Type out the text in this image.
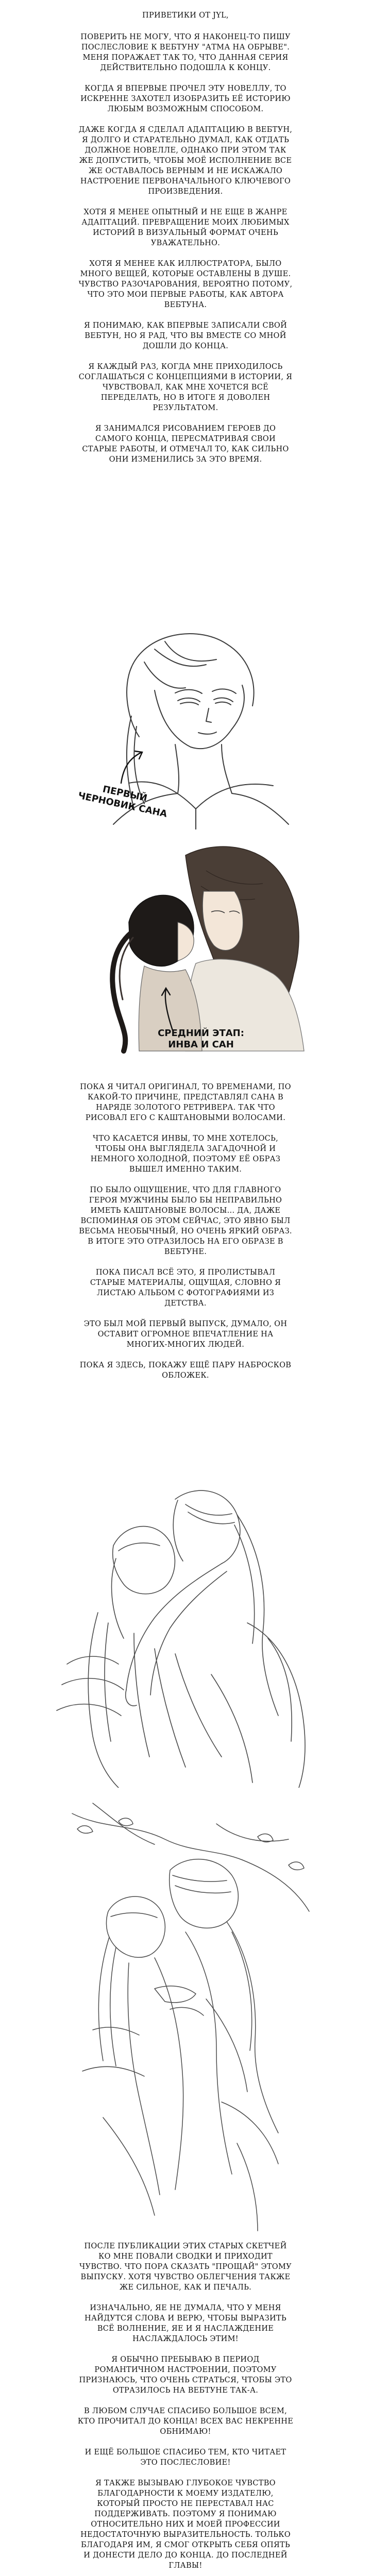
ПРИВЕТИКИ ОТ JYL,

ПОВЕРИТЬ НЕ МОГУ, ЧТО Я НАКОНЕЦ-ТО ПИШУ ПОСЛЕСЛОВИЕ К ВЕБТУНУ "АТМА НА ОБРЫВЕ". МЕНЯ ПОРАЖАЕТ ТАК ТО, ЧТО ДАННАЯ СЕРИЯ ДЕЙСТВИТЕЛЬНО ПОДОШЛА К КОНЦУ.

КОГДА Я ВПЕРВЫЕ ПРОЧЕЛ ЭТУ НОВЕЛЛУ, ТО ИСКРЕННЕ ЗАХОТЕЛ ИЗОБРАЗИТЬ ЕЁ ИСТОРИЮ ЛЮБЫМ ВОЗМОЖНЫМ СПОСОБОМ.

ДАЖЕ КОГДА Я СДЕЛАЛ АДАПТАЦИЮ В ВЕБТУН, Я ДОЛГО И СТАРАТЕЛЬНО ДУМАЛ, КАК ОТДАТЬ ДОЛЖНОЕ НОВЕЛЛЕ, ОДНАКО ПРИ ЭТОМ ТАК ЖЕ ДОПУСТИТЬ, ЧТОБЫ МОЁ ИСПОЛНЕНИЕ ВСЕ ЖЕ ОСТАВАЛОСЬ ВЕРНЫМ И НЕ ИСКАЖАЛО НАСТРОЕНИЕ ПЕРВОНАЧАЛЬНОГО КЛЮЧЕВОГО ПРОИЗВЕДЕНИЯ.

ХОТЯ Я МЕНЕЕ ОПЫТНЫЙ И НЕ ЕЩЕ В ЖАНРЕ АДАПТАЦИЙ. ПРЕВРАЩЕНИЕ МОИХ ЛЮБИМЫХ ИСТОРИЙ В ВИЗУАЛЬНЫЙ ФОРМАТ ОЧЕНЬ УВАЖАТЕЛЬНО.

ХОТЯ Я МЕНЕЕ КАК ИЛЛЮСТРАТОРА, БЫЛО МНОГО ВЕЩЕЙ, КОТОРЫЕ ОСТАВЛЕНЫ В ДУШЕ. ЧУВСТВО РАЗОЧАРОВАНИЯ, ВЕРОЯТНО ПОТОМУ, ЧТО ЭТО МОИ ПЕРВЫЕ РАБОТЫ, КАК АВТОРА ВЕБТУНА.

Я ПОНИМАЮ, КАК ВПЕРВЫЕ ЗАПИСАЛИ СВОЙ ВЕБТУН, НО Я РАД, ЧТО ВЫ ВМЕСТЕ СО МНОЙ ДОШЛИ ДО КОНЦА.

Я КАЖДЫЙ РАЗ, КОГДА МНЕ ПРИХОДИЛОСЬ СОГЛАШАТЬСЯ С КОНЦЕПЦИЯМИ В ИСТОРИИ, Я ЧУВСТВОВАЛ, КАК МНЕ ХОЧЕТСЯ ВСЁ ПЕРЕДЕЛАТЬ, НО В ИТОГЕ Я ДОВОЛЕН РЕЗУЛЬТАТОМ.

Я ЗАНИМАЛСЯ РИСОВАНИЕМ ГЕРОЕВ ДО САМОГО КОНЦА, ПЕРЕСМАТРИВАЯ СВОИ СТАРЫЕ РАБОТЫ, И ОТМЕЧАЛ ТО, КАК СИЛЬНО ОНИ ИЗМЕНИЛИСЬ ЗА ЭТО ВРЕМЯ.

ПЕРВЫЙ ЧЕРНОВИК САНА
СРЕДНИЙ ЭТАП: ИНВА И САН

ПОКА Я ЧИТАЛ ОРИГИНАЛ, ТО ВРЕМЕНАМИ, ПО КАКОЙ-ТО ПРИЧИНЕ, ПРЕДСТАВЛЯЛ САНА В НАРЯДЕ ЗОЛОТОГО РЕТРИВЕРА. ТАК ЧТО РИСОВАЛ ЕГО С КАШТАНОВЫМИ ВОЛОСАМИ.

ЧТО КАСАЕТСЯ ИНВЫ, ТО МНЕ ХОТЕЛОСЬ, ЧТОБЫ ОНА ВЫГЛЯДЕЛА ЗАГАДОЧНОЙ И НЕМНОГО ХОЛОДНОЙ, ПОЭТОМУ ЕЁ ОБРАЗ ВЫШЕЛ ИМЕННО ТАКИМ.

ПО БЫЛО ОЩУЩЕНИЕ, ЧТО ДЛЯ ГЛАВНОГО ГЕРОЯ МУЖЧИНЫ БЫЛО БЫ НЕПРАВИЛЬНО ИМЕТЬ КАШТАНОВЫЕ ВОЛОСЫ... ДА, ДАЖЕ ВСПОМИНАЯ ОБ ЭТОМ СЕЙЧАС, ЭТО ЯВНО БЫЛ ВЕСЬМА НЕОБЫЧНЫЙ, НО ОЧЕНЬ ЯРКИЙ ОБРАЗ. В ИТОГЕ ЭТО ОТРАЗИЛОСЬ НА ЕГО ОБРАЗЕ В ВЕБТУНЕ.

ПОКА ПИСАЛ ВСЁ ЭТО, Я ПРОЛИСТЫВАЛ СТАРЫЕ МАТЕРИАЛЫ, ОЩУЩАЯ, СЛОВНО Я ЛИСТАЮ АЛЬБОМ С ФОТОГРАФИЯМИ ИЗ ДЕТСТВА.

ЭТО БЫЛ МОЙ ПЕРВЫЙ ВЫПУСК, ДУМАЛО, ОН ОСТАВИТ ОГРОМНОЕ ВПЕЧАТЛЕНИЕ НА МНОГИХ-МНОГИХ ЛЮДЕЙ.

ПОКА Я ЗДЕСЬ, ПОКАЖУ ЕЩЁ ПАРУ НАБРОСКОВ ОБЛОЖЕК.

ПОСЛЕ ПУБЛИКАЦИИ ЭТИХ СТАРЫХ СКЕТЧЕЙ КО МНЕ ПОВАЛИ СВОДКИ И ПРИХОДИТ ЧУВСТВО. ЧТО ПОРА СКАЗАТЬ "ПРОЩАЙ" ЭТОМУ ВЫПУСКУ. ХОТЯ ЧУВСТВО ОБЛЕГЧЕНИЯ ТАКЖЕ ЖЕ СИЛЬНОЕ, КАК И ПЕЧАЛЬ.

ИЗНАЧАЛЬНО, ЯЕ НЕ ДУМАЛА, ЧТО У МЕНЯ НАЙДУТСЯ СЛОВА И ВЕРЮ, ЧТОБЫ ВЫРАЗИТЬ ВСЁ ВОЛНЕНИЕ, ЯЕ И Я НАСЛАЖДЕНИЕ НАСЛАЖДАЛОСЬ ЭТИМ!

Я ОБЫЧНО ПРЕБЫВАЮ В ПЕРИОД РОМАНТИЧНОМ НАСТРОЕНИИ, ПОЭТОМУ ПРИЗНАЮСЬ, ЧТО ОЧЕНЬ СТРАТЬСЯ, ЧТОБЫ ЭТО ОТРАЗИЛОСЬ НА ВЕБТУНЕ ТАК-А.

В ЛЮБОМ СЛУЧАЕ СПАСИБО БОЛЬШОЕ ВСЕМ, КТО ПРОЧИТАЛ ДО КОНЦА! ВСЕХ ВАС НЕКРЕННЕ ОБНИМАЮ!

И ЕЩЁ БОЛЬШОЕ СПАСИБО ТЕМ, КТО ЧИТАЕТ ЭТО ПОСЛЕСЛОВИЕ!

Я ТАКЖЕ ВЫЗЫВАЮ ГЛУБОКОЕ ЧУВСТВО БЛАГОДАРНОСТИ К МОЕМУ ИЗДАТЕЛЮ, КОТОРЫЙ ПРОСТО НЕ ПЕРЕСТАВАЛ НАС ПОДДЕРЖИВАТЬ. ПОЭТОМУ Я ПОНИМАЮ ОТНОСИТЕЛЬНО НИХ И МОЕЙ ПРОФЕССИИ НЕДОСТАТОЧНУЮ ВЫРАЗИТЕЛЬНОСТЬ. ТОЛЬКО БЛАГОДАРЯ ИМ, Я СМОГ ОТКРЫТЬ СЕБЯ ОПЯТЬ И ДОНЕСТИ ДЕЛО ДО КОНЦА. ДО ПОСЛЕДНЕЙ ГЛАВЫ!
